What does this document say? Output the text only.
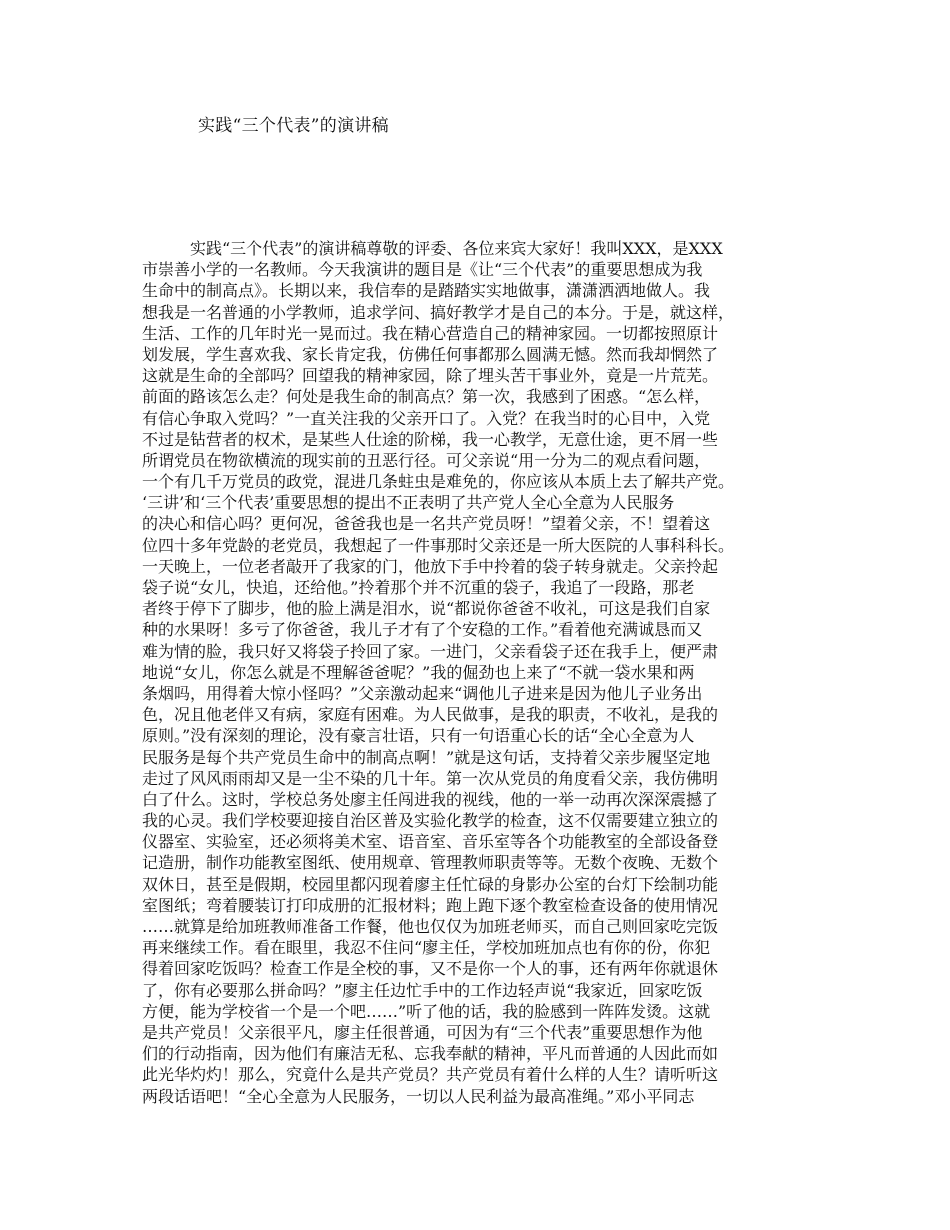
实践“三个代表”的演讲稿
　　　实践“三个代表”的演讲稿尊敬的评委、各位来宾大家好！我叫XXX，是XXX
市崇善小学的一名教师。今天我演讲的题目是《让“三个代表”的重要思想成为我
生命中的制高点》。长期以来，我信奉的是踏踏实实地做事，潇潇洒洒地做人。我
想我是一名普通的小学教师，追求学问、搞好教学才是自己的本分。于是，就这样，
生活、工作的几年时光一晃而过。我在精心营造自己的精神家园。一切都按照原计
划发展，学生喜欢我、家长肯定我，仿佛任何事都那么圆满无憾。然而我却惘然了
这就是生命的全部吗？回望我的精神家园，除了埋头苦干事业外，竟是一片荒芜。
前面的路该怎么走？何处是我生命的制高点？第一次，我感到了困惑。“怎么样，
有信心争取入党吗？”一直关注我的父亲开口了。入党？在我当时的心目中，入党
不过是钻营者的权术，是某些人仕途的阶梯，我一心教学，无意仕途，更不屑一些
所谓党员在物欲横流的现实前的丑恶行径。可父亲说“用一分为二的观点看问题，
一个有几千万党员的政党，混进几条蛀虫是难免的，你应该从本质上去了解共产党。
‘三讲’和‘三个代表’重要思想的提出不正表明了共产党人全心全意为人民服务
的决心和信心吗？更何况，爸爸我也是一名共产党员呀！”望着父亲，不！望着这
位四十多年党龄的老党员，我想起了一件事那时父亲还是一所大医院的人事科科长。
一天晚上，一位老者敲开了我家的门，他放下手中拎着的袋子转身就走。父亲拎起
袋子说“女儿，快追，还给他。”拎着那个并不沉重的袋子，我追了一段路，那老
者终于停下了脚步，他的脸上满是泪水，说“都说你爸爸不收礼，可这是我们自家
种的水果呀！多亏了你爸爸，我儿子才有了个安稳的工作。”看着他充满诚恳而又
难为情的脸，我只好又将袋子拎回了家。一进门，父亲看袋子还在我手上，便严肃
地说“女儿，你怎么就是不理解爸爸呢？”我的倔劲也上来了“不就一袋水果和两
条烟吗，用得着大惊小怪吗？”父亲激动起来“调他儿子进来是因为他儿子业务出
色，况且他老伴又有病，家庭有困难。为人民做事，是我的职责，不收礼，是我的
原则。”没有深刻的理论，没有豪言壮语，只有一句语重心长的话“全心全意为人
民服务是每个共产党员生命中的制高点啊！”就是这句话，支持着父亲步履坚定地
走过了风风雨雨却又是一尘不染的几十年。第一次从党员的角度看父亲，我仿佛明
白了什么。这时，学校总务处廖主任闯进我的视线，他的一举一动再次深深震撼了
我的心灵。我们学校要迎接自治区普及实验化教学的检查，这不仅需要建立独立的
仪器室、实验室，还必须将美术室、语音室、音乐室等各个功能教室的全部设备登
记造册，制作功能教室图纸、使用规章、管理教师职责等等。无数个夜晚、无数个
双休日，甚至是假期，校园里都闪现着廖主任忙碌的身影办公室的台灯下绘制功能
室图纸；弯着腰装订打印成册的汇报材料；跑上跑下逐个教室检查设备的使用情况
……就算是给加班教师准备工作餐，他也仅仅为加班老师买，而自己则回家吃完饭
再来继续工作。看在眼里，我忍不住问“廖主任，学校加班加点也有你的份，你犯
得着回家吃饭吗？检查工作是全校的事，又不是你一个人的事，还有两年你就退休
了，你有必要那么拼命吗？”廖主任边忙手中的工作边轻声说“我家近，回家吃饭
方便，能为学校省一个是一个吧……”听了他的话，我的脸感到一阵阵发烫。这就
是共产党员！父亲很平凡，廖主任很普通，可因为有“三个代表”重要思想作为他
们的行动指南，因为他们有廉洁无私、忘我奉献的精神，平凡而普通的人因此而如
此光华灼灼！那么，究竟什么是共产党员？共产党员有着什么样的人生？请听听这
两段话语吧！“全心全意为人民服务，一切以人民利益为最高准绳。”邓小平同志
